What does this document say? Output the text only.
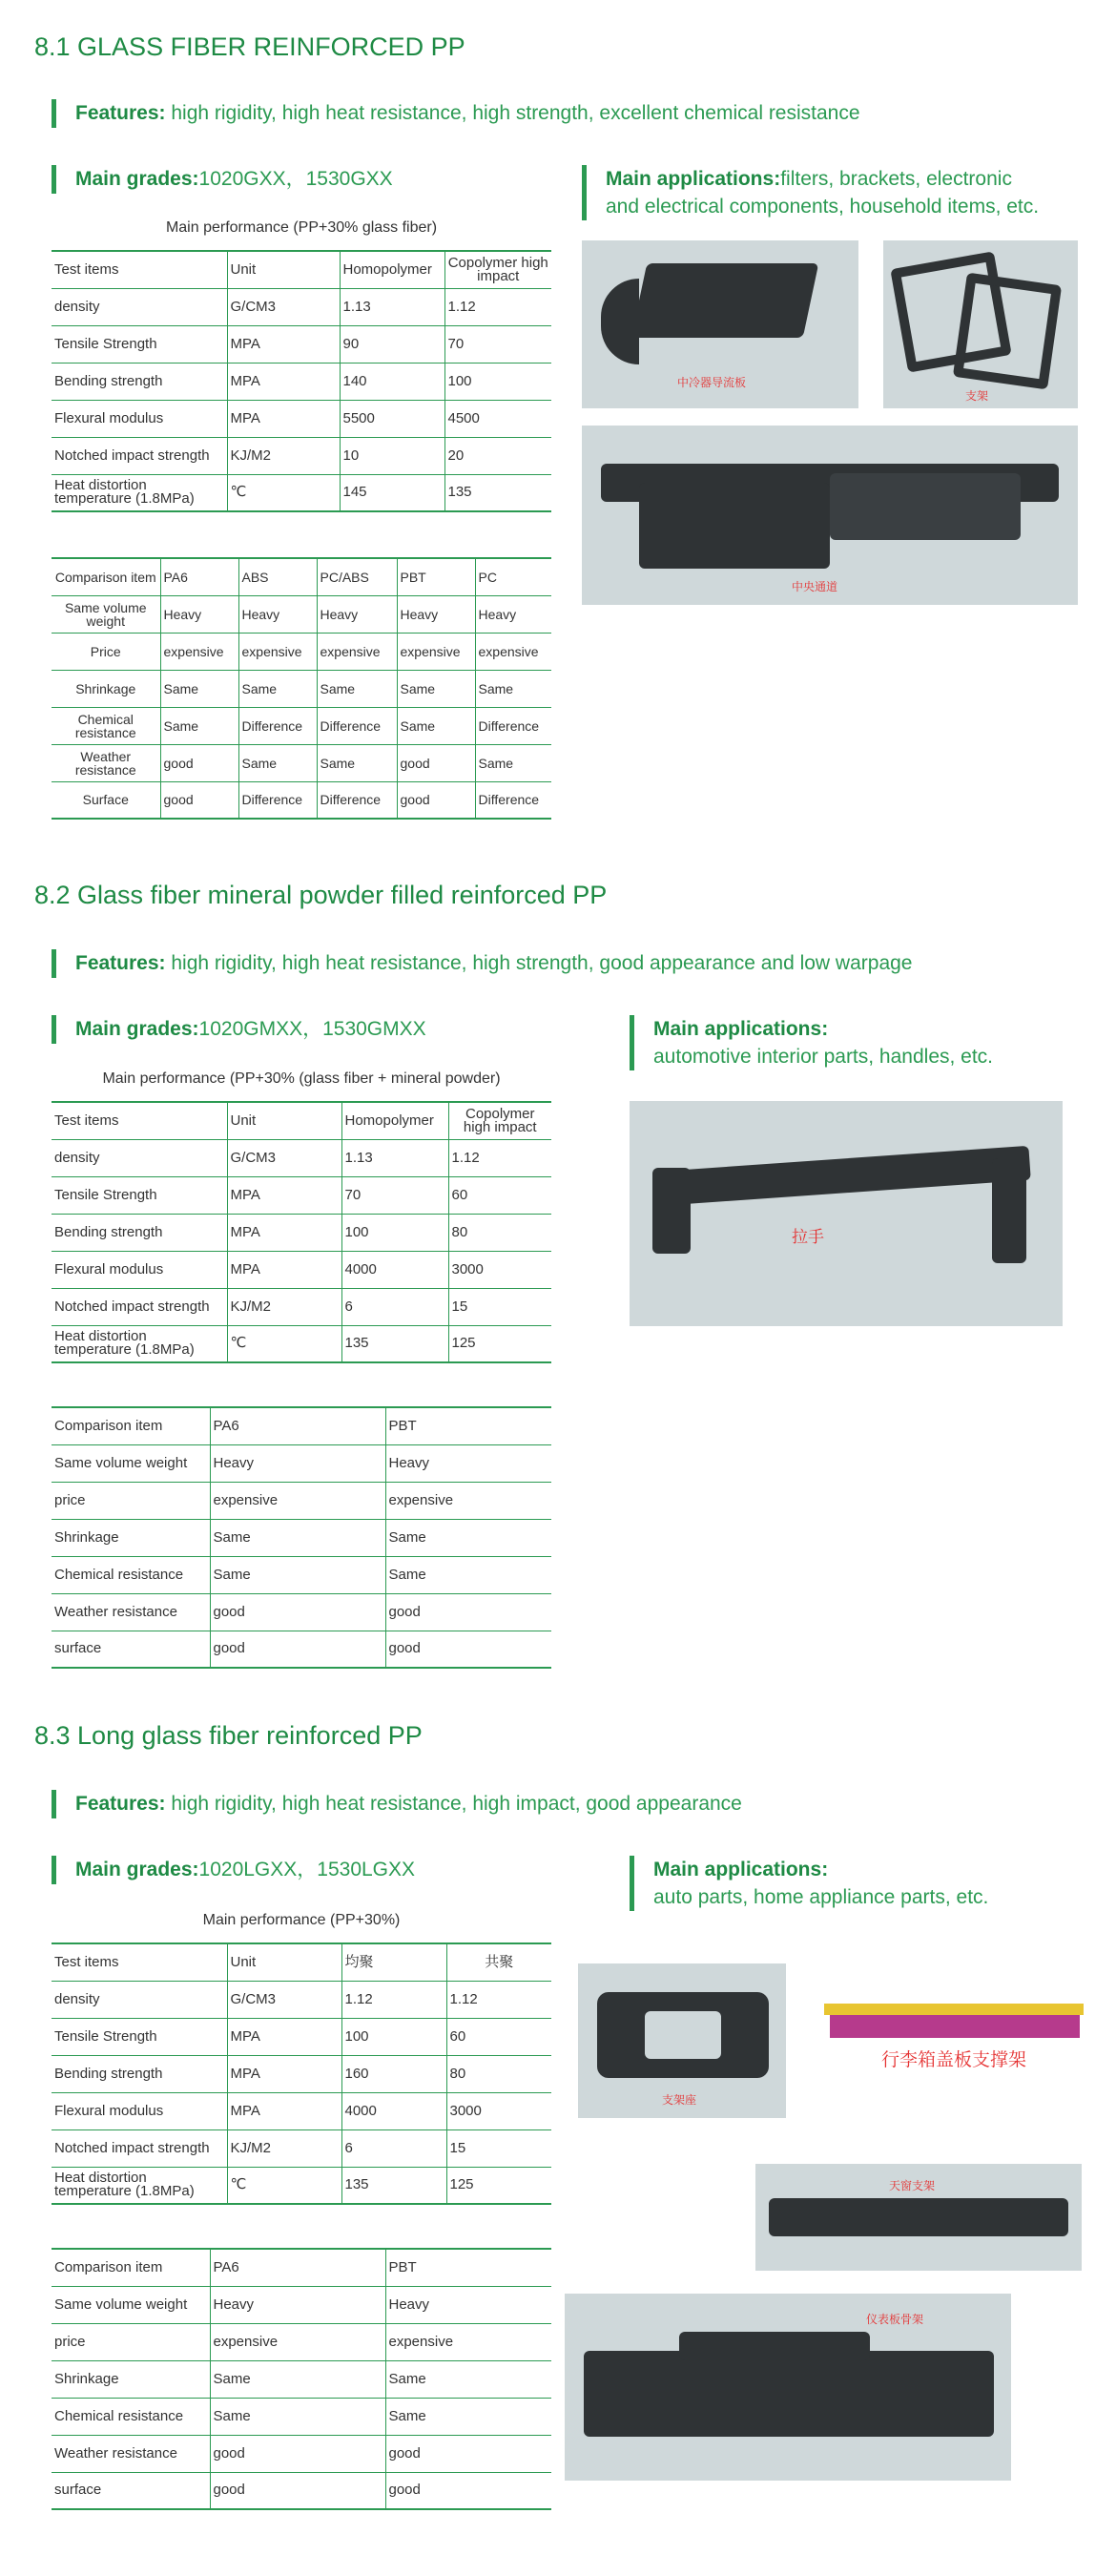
8.1 GLASS FIBER REINFORCED PP
Features: high rigidity, high heat resistance, high strength, excellent chemical resistance
Main grades:1020GXX，1530GXX	Main applications:filters, brackets, electronic
and electrical components, household items, etc.
Main performance (PP+30% glass fiber)
Test items	Unit	Homopolymer	Copolymer high impact
density	G/CM3	1.13	1.12
Tensile Strength	MPA	90	70
Bending strength	MPA	140	100
Flexural modulus	MPA	5500	4500
Notched impact strength	KJ/M2	10	20
Heat distortion temperature (1.8MPa)	℃	145	135
Comparison item	PA6	ABS	PC/ABS	PBT	PC
Same volume weight	Heavy	Heavy	Heavy	Heavy	Heavy
Price	expensive	expensive	expensive	expensive	expensive
Shrinkage	Same	Same	Same	Same	Same
Chemical resistance	Same	Difference	Difference	Same	Difference
Weather resistance	good	Same	Same	good	Same
Surface	good	Difference	Difference	good	Difference
中冷器导流板
支架
中央通道
8.2 Glass fiber mineral powder filled reinforced PP
Features: high rigidity, high heat resistance, high strength, good appearance and low warpage
Main grades:1020GMXX，1530GMXX	Main applications:
automotive interior parts, handles, etc.
Main performance (PP+30% (glass fiber + mineral powder)
Test items	Unit	Homopolymer	Copolymer high impact
density	G/CM3	1.13	1.12
Tensile Strength	MPA	70	60
Bending strength	MPA	100	80
Flexural modulus	MPA	4000	3000
Notched impact strength	KJ/M2	6	15
Heat distortion temperature (1.8MPa)	℃	135	125
Comparison item	PA6	PBT
Same volume weight	Heavy	Heavy
price	expensive	expensive
Shrinkage	Same	Same
Chemical resistance	Same	Same
Weather resistance	good	good
surface	good	good
拉手
8.3 Long glass fiber reinforced PP
Features: high rigidity, high heat resistance, high impact, good appearance
Main grades:1020LGXX，1530LGXX	Main applications:
auto parts, home appliance parts, etc.
Main performance (PP+30%)
Test items	Unit	均聚	共聚
density	G/CM3	1.12	1.12
Tensile Strength	MPA	100	60
Bending strength	MPA	160	80
Flexural modulus	MPA	4000	3000
Notched impact strength	KJ/M2	6	15
Heat distortion temperature (1.8MPa)	℃	135	125
Comparison item	PA6	PBT
Same volume weight	Heavy	Heavy
price	expensive	expensive
Shrinkage	Same	Same
Chemical resistance	Same	Same
Weather resistance	good	good
surface	good	good
支架座
行李箱盖板支撑架
天窗支架
仪表板骨架
